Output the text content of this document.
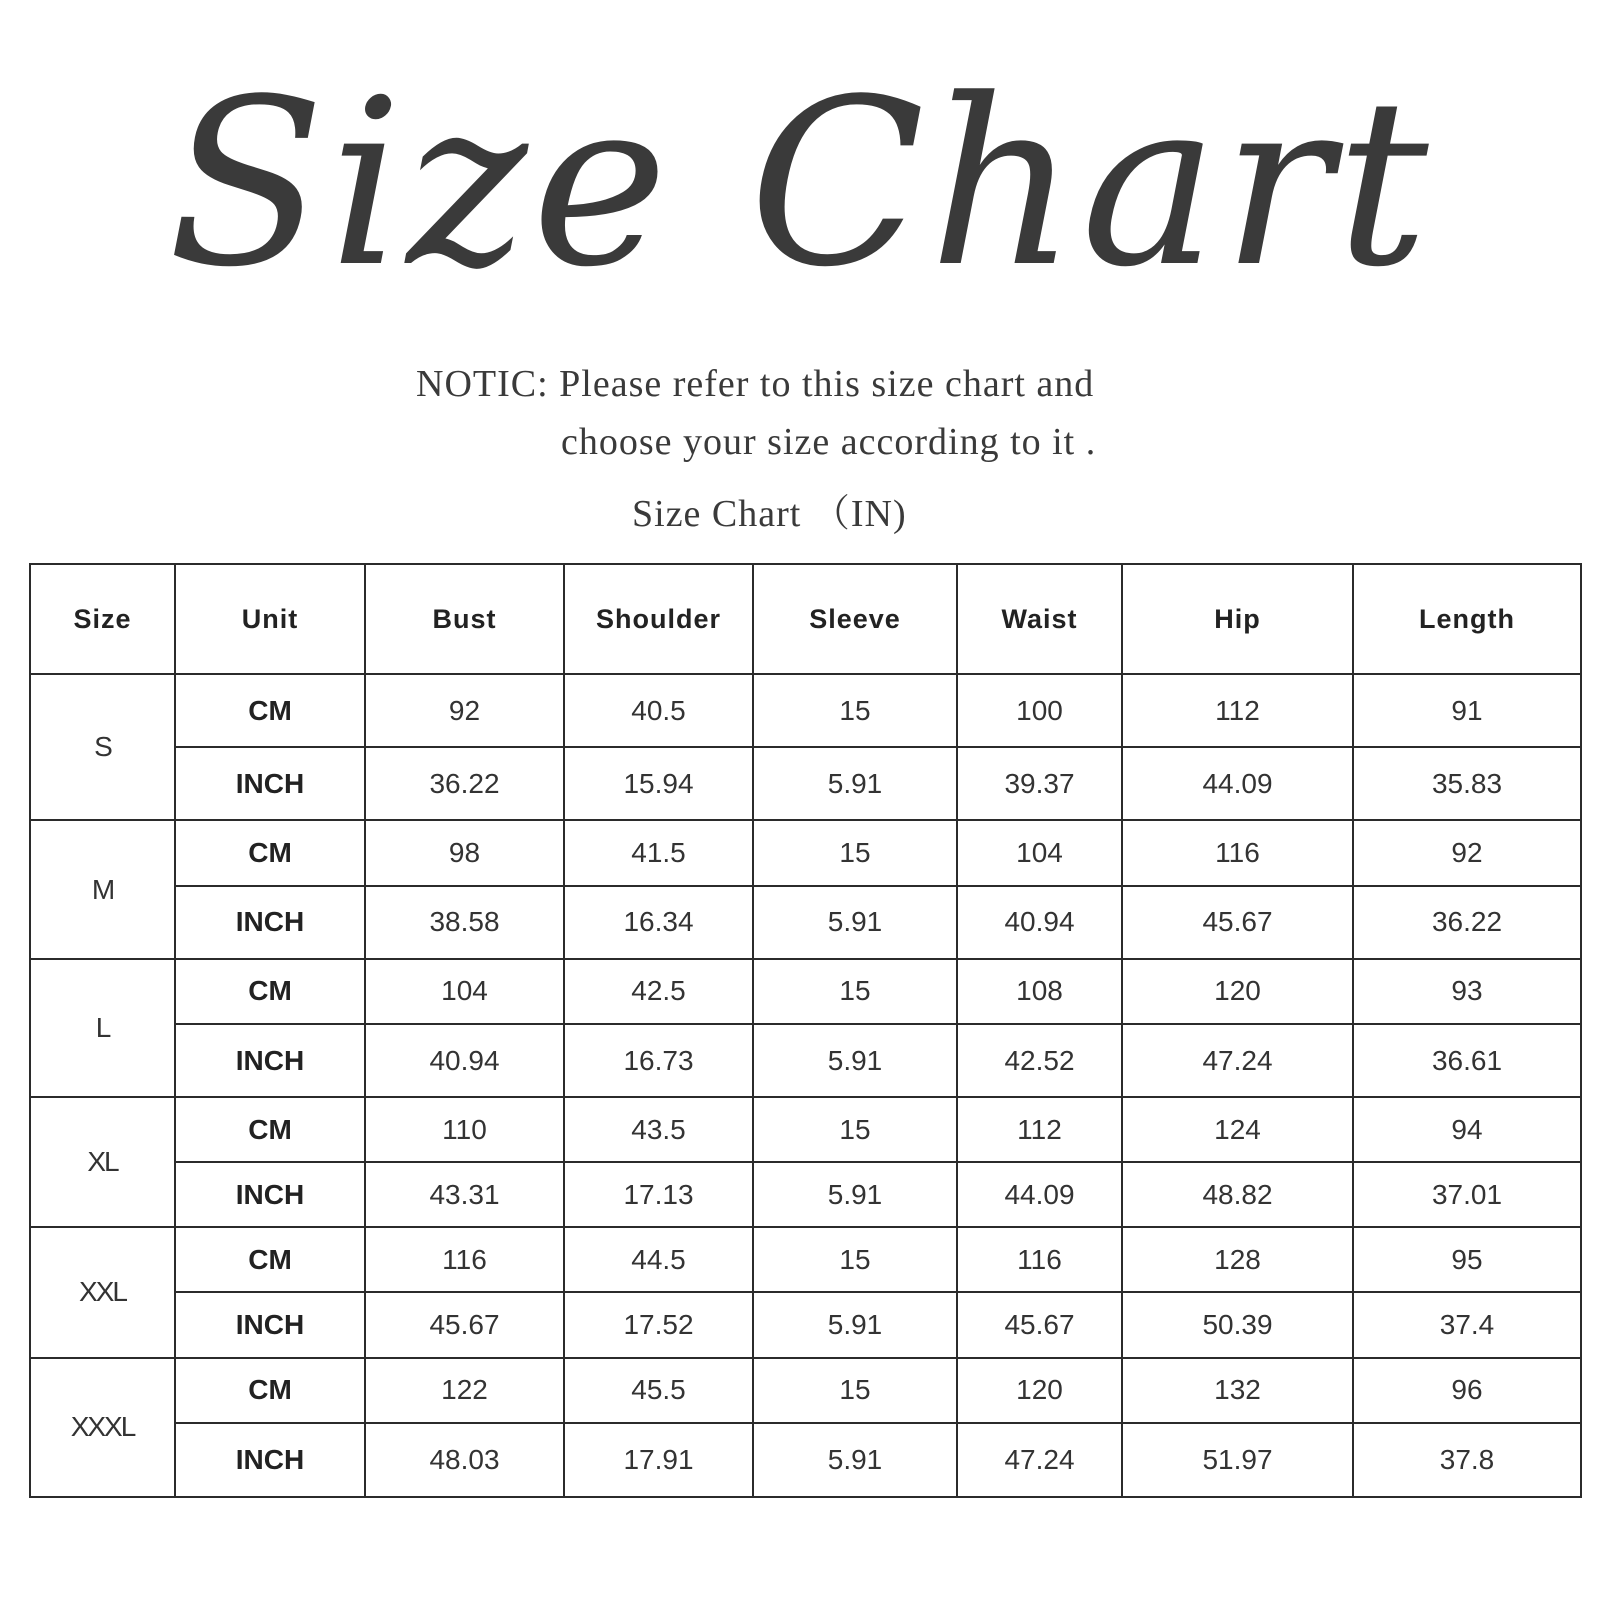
Size Chart

NOTIC: Please refer to this size chart and

choose your size according to it .

Size Chart （IN)

Size	Unit	Bust	Shoulder	Sleeve	Waist	Hip	Length
S	CM	92	40.5	15	100	112	91
	INCH	36.22	15.94	5.91	39.37	44.09	35.83
M	CM	98	41.5	15	104	116	92
	INCH	38.58	16.34	5.91	40.94	45.67	36.22
L	CM	104	42.5	15	108	120	93
	INCH	40.94	16.73	5.91	42.52	47.24	36.61
XL	CM	110	43.5	15	112	124	94
	INCH	43.31	17.13	5.91	44.09	48.82	37.01
XXL	CM	116	44.5	15	116	128	95
	INCH	45.67	17.52	5.91	45.67	50.39	37.4
XXXL	CM	122	45.5	15	120	132	96
	INCH	48.03	17.91	5.91	47.24	51.97	37.8
